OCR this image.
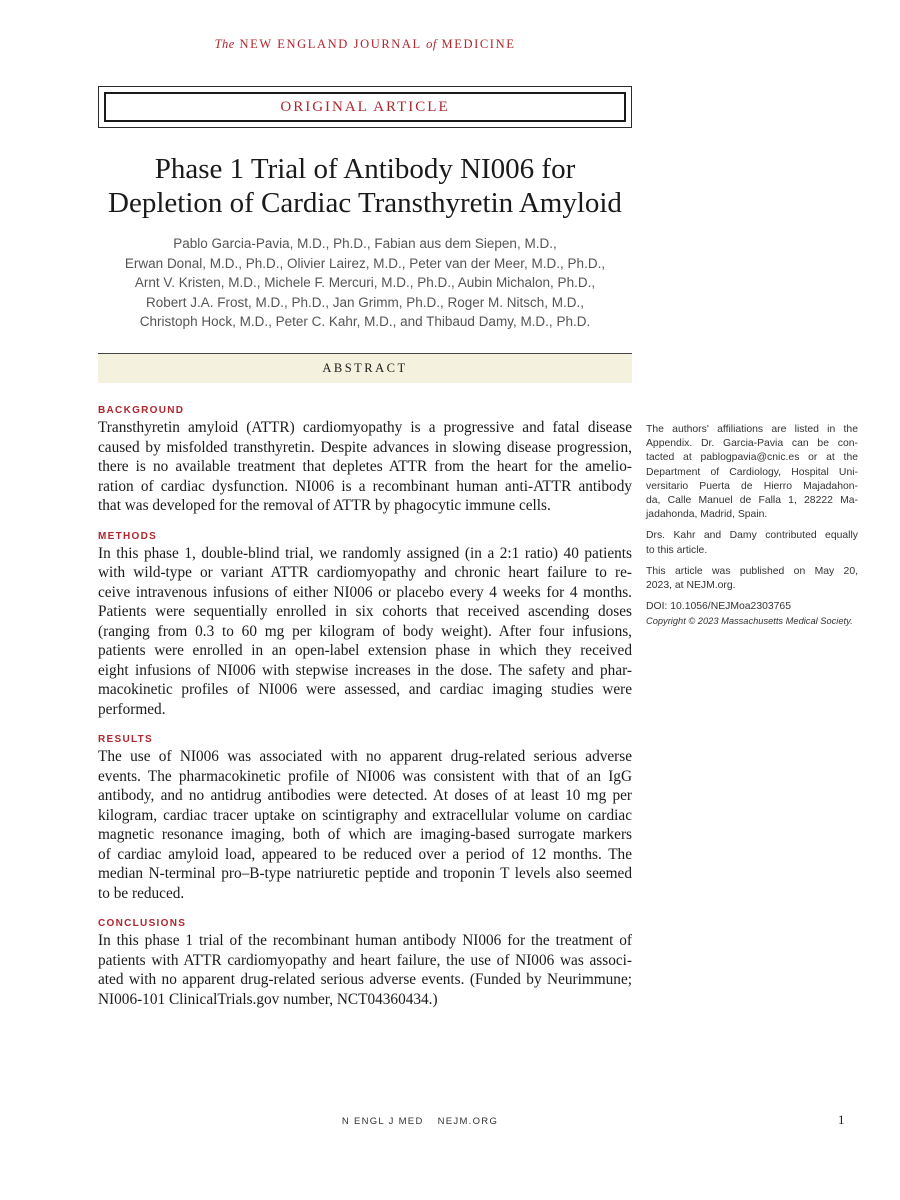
The NEW ENGLAND JOURNAL of MEDICINE
ORIGINAL ARTICLE
Phase 1 Trial of Antibody NI006 for
Depletion of Cardiac Transthyretin Amyloid
Pablo Garcia-Pavia, M.D., Ph.D., Fabian aus dem Siepen, M.D.,
Erwan Donal, M.D., Ph.D., Olivier Lairez, M.D., Peter van der Meer, M.D., Ph.D.,
Arnt V. Kristen, M.D., Michele F. Mercuri, M.D., Ph.D., Aubin Michalon, Ph.D.,
Robert J.A. Frost, M.D., Ph.D., Jan Grimm, Ph.D., Roger M. Nitsch, M.D.,
Christoph Hock, M.D., Peter C. Kahr, M.D., and Thibaud Damy, M.D., Ph.D.
ABSTRACT

BACKGROUND

Transthyretin amyloid (ATTR) cardiomyopathy is a progressive and fatal disease
caused by misfolded transthyretin. Despite advances in slowing disease progression,
there is no available treatment that depletes ATTR from the heart for the amelio-
ration of cardiac dysfunction. NI006 is a recombinant human anti-ATTR antibody
that was developed for the removal of ATTR by phagocytic immune cells.

METHODS

In this phase 1, double-blind trial, we randomly assigned (in a 2:1 ratio) 40 patients
with wild-type or variant ATTR cardiomyopathy and chronic heart failure to re-
ceive intravenous infusions of either NI006 or placebo every 4 weeks for 4 months.
Patients were sequentially enrolled in six cohorts that received ascending doses
(ranging from 0.3 to 60 mg per kilogram of body weight). After four infusions,
patients were enrolled in an open-label extension phase in which they received
eight infusions of NI006 with stepwise increases in the dose. The safety and phar-
macokinetic profiles of NI006 were assessed, and cardiac imaging studies were
performed.

RESULTS

The use of NI006 was associated with no apparent drug-related serious adverse
events. The pharmacokinetic profile of NI006 was consistent with that of an IgG
antibody, and no antidrug antibodies were detected. At doses of at least 10 mg per
kilogram, cardiac tracer uptake on scintigraphy and extracellular volume on cardiac
magnetic resonance imaging, both of which are imaging-based surrogate markers
of cardiac amyloid load, appeared to be reduced over a period of 12 months. The
median N-terminal pro–B-type natriuretic peptide and troponin T levels also seemed
to be reduced.

CONCLUSIONS

In this phase 1 trial of the recombinant human antibody NI006 for the treatment of
patients with ATTR cardiomyopathy and heart failure, the use of NI006 was associ-
ated with no apparent drug-related serious adverse events. (Funded by Neurimmune;
NI006-101 ClinicalTrials.gov number, NCT04360434.)

The authors' affiliations are listed in the
Appendix. Dr. Garcia-Pavia can be con-
tacted at pablogpavia@cnic.es or at the
Department of Cardiology, Hospital Uni-
versitario Puerta de Hierro Majadahon-
da, Calle Manuel de Falla 1, 28222 Ma-
jadahonda, Madrid, Spain.

Drs. Kahr and Damy contributed equally
to this article.

This article was published on May 20,
2023, at NEJM.org.

DOI: 10.1056/NEJMoa2303765
Copyright © 2023 Massachusetts Medical Society.

N ENGL J MED NEJM.ORG	1
